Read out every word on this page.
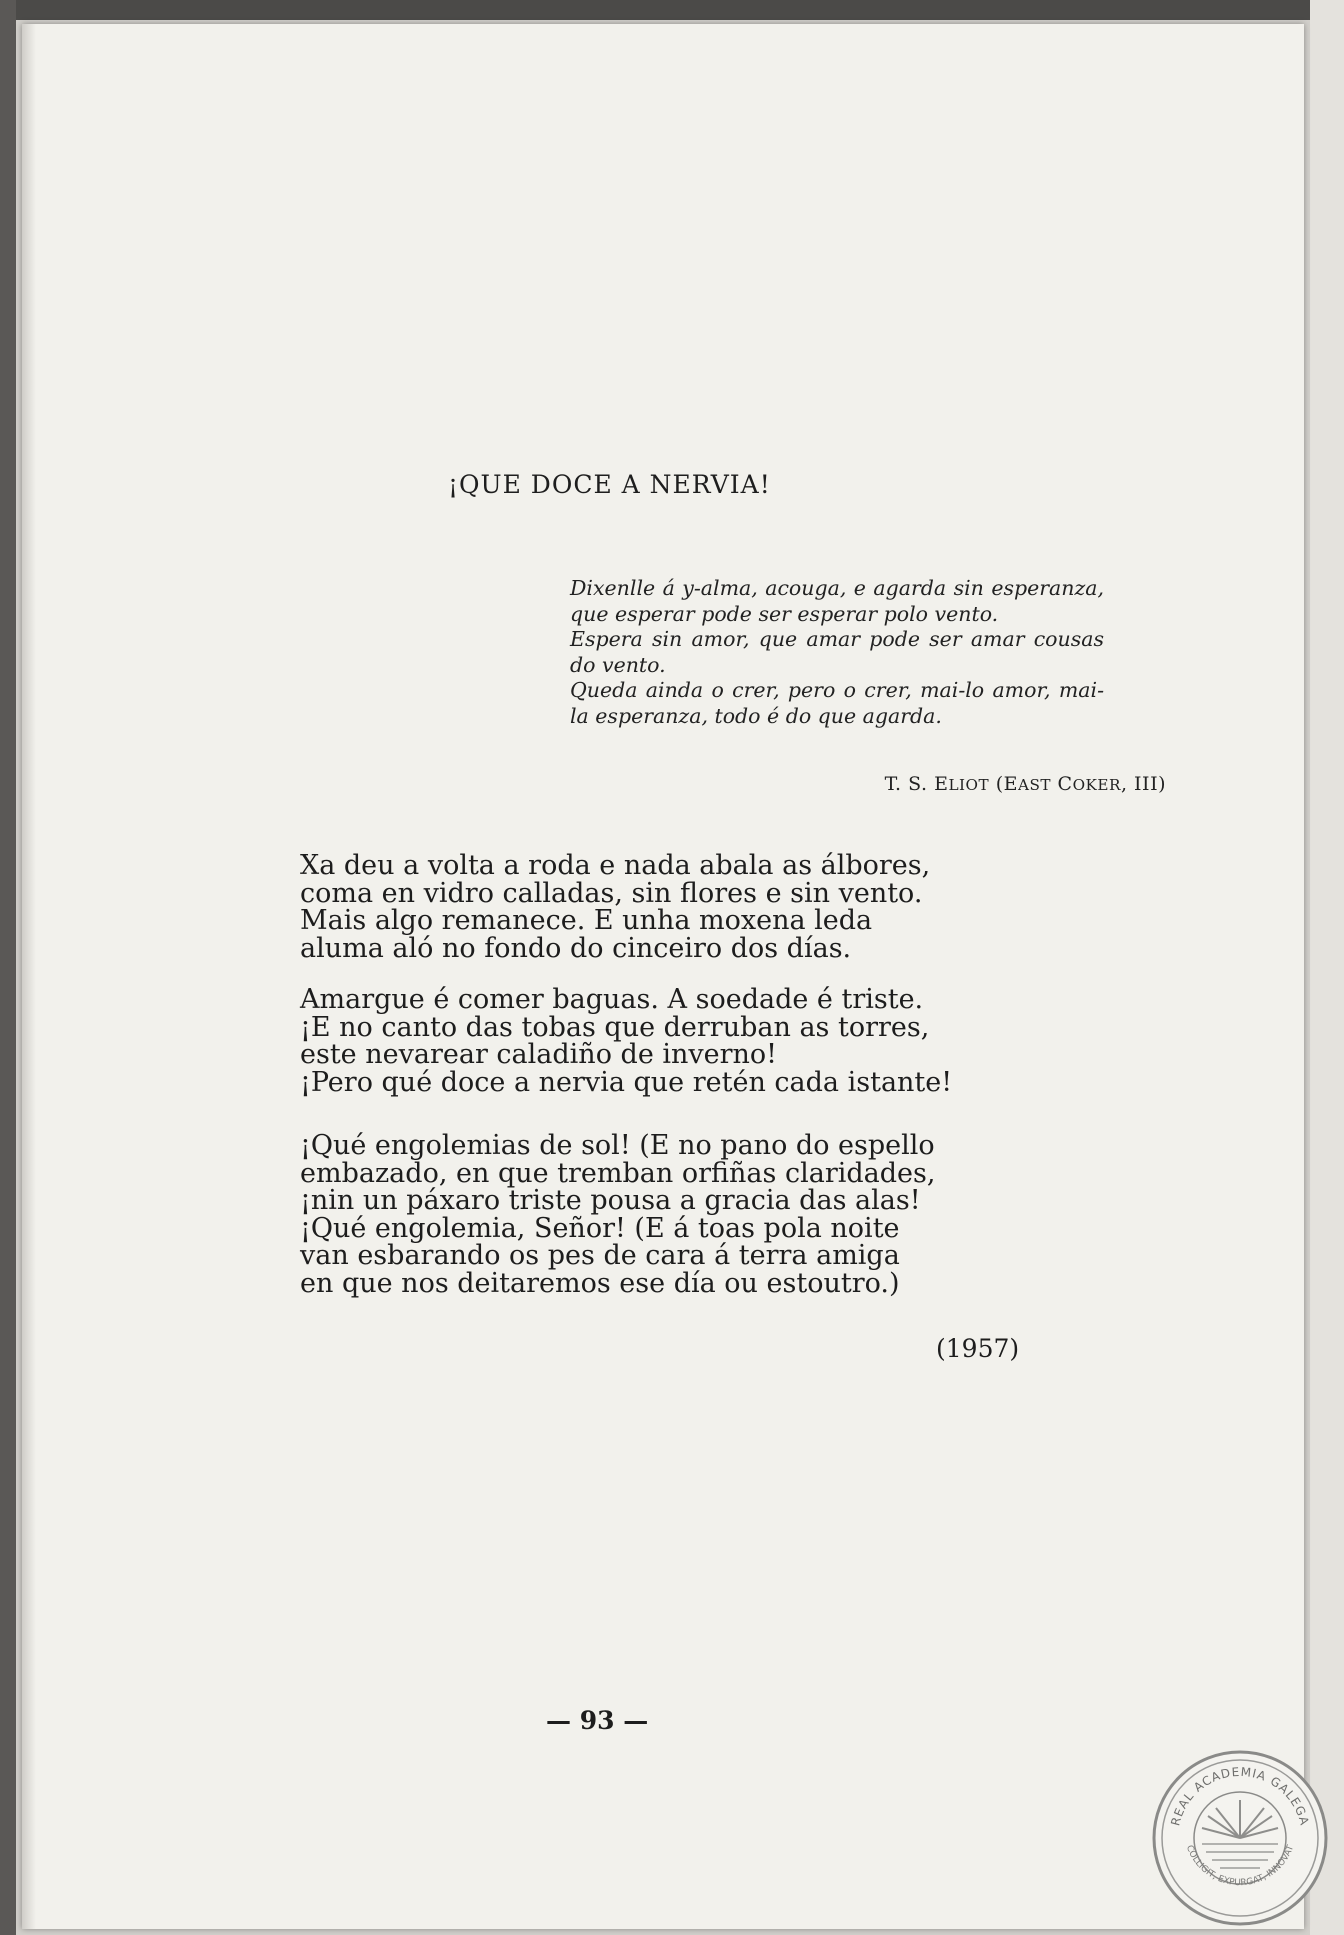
¡QUE DOCE A NERVIA!

Dixenlle á y-alma, acouga, e agarda sin esperanza, que esperar pode ser esperar polo vento.

Espera sin amor, que amar pode ser amar cousas do vento.

Queda ainda o crer, pero o crer, mai-lo amor, mai-la esperanza, todo é do que agarda.

T. S. ELIOT (EAST COKER, III)
Xa deu a volta a roda e nada abala as álbores,
coma en vidro calladas, sin flores e sin vento.
Mais algo remanece. E unha moxena leda
aluma aló no fondo do cinceiro dos días.
Amargue é comer baguas. A soedade é triste.
¡E no canto das tobas que derruban as torres,
este nevarear caladiño de inverno!
¡Pero qué doce a nervia que retén cada istante!
¡Qué engolemias de sol! (E no pano do espello
embazado, en que tremban orfiñas claridades,
¡nin un páxaro triste pousa a gracia das alas!
¡Qué engolemia, Señor! (E á toas pola noite
van esbarando os pes de cara á terra amiga
en que nos deitaremos ese día ou estoutro.)
(1957)
— 93 —
REAL ACADEMIA GALEGA
COLLIGIT, EXPURGAT, INNOVAT
